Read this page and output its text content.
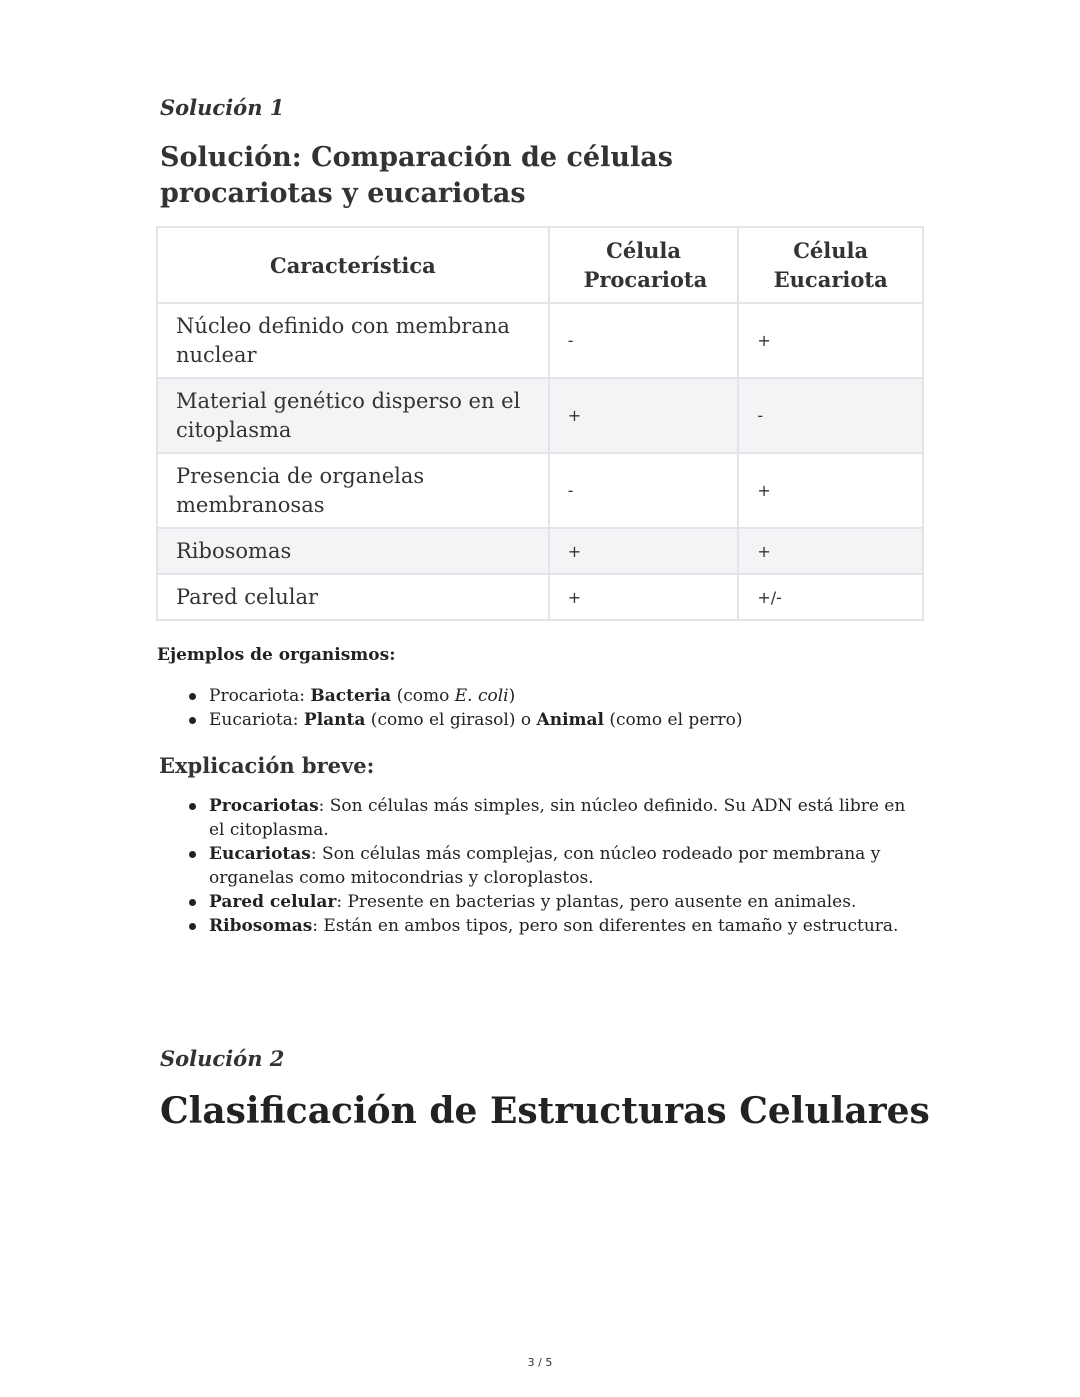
Solución 1
Solución: Comparación de células procariotas y eucariotas
Característica	Célula Procariota	Célula Eucariota
Núcleo definido con membrana nuclear	-	+
Material genético disperso en el citoplasma	+	-
Presencia de organelas membranosas	-	+
Ribosomas	+	+
Pared celular	+	+/-
Ejemplos de organismos:
Procariota: Bacteria (como E. coli)
Eucariota: Planta (como el girasol) o Animal (como el perro)
Explicación breve:
Procariotas: Son células más simples, sin núcleo definido. Su ADN está libre en el citoplasma.
Eucariotas: Son células más complejas, con núcleo rodeado por membrana y organelas como mitocondrias y cloroplastos.
Pared celular: Presente en bacterias y plantas, pero ausente en animales.
Ribosomas: Están en ambos tipos, pero son diferentes en tamaño y estructura.
Solución 2
Clasificación de Estructuras Celulares
3 / 5
